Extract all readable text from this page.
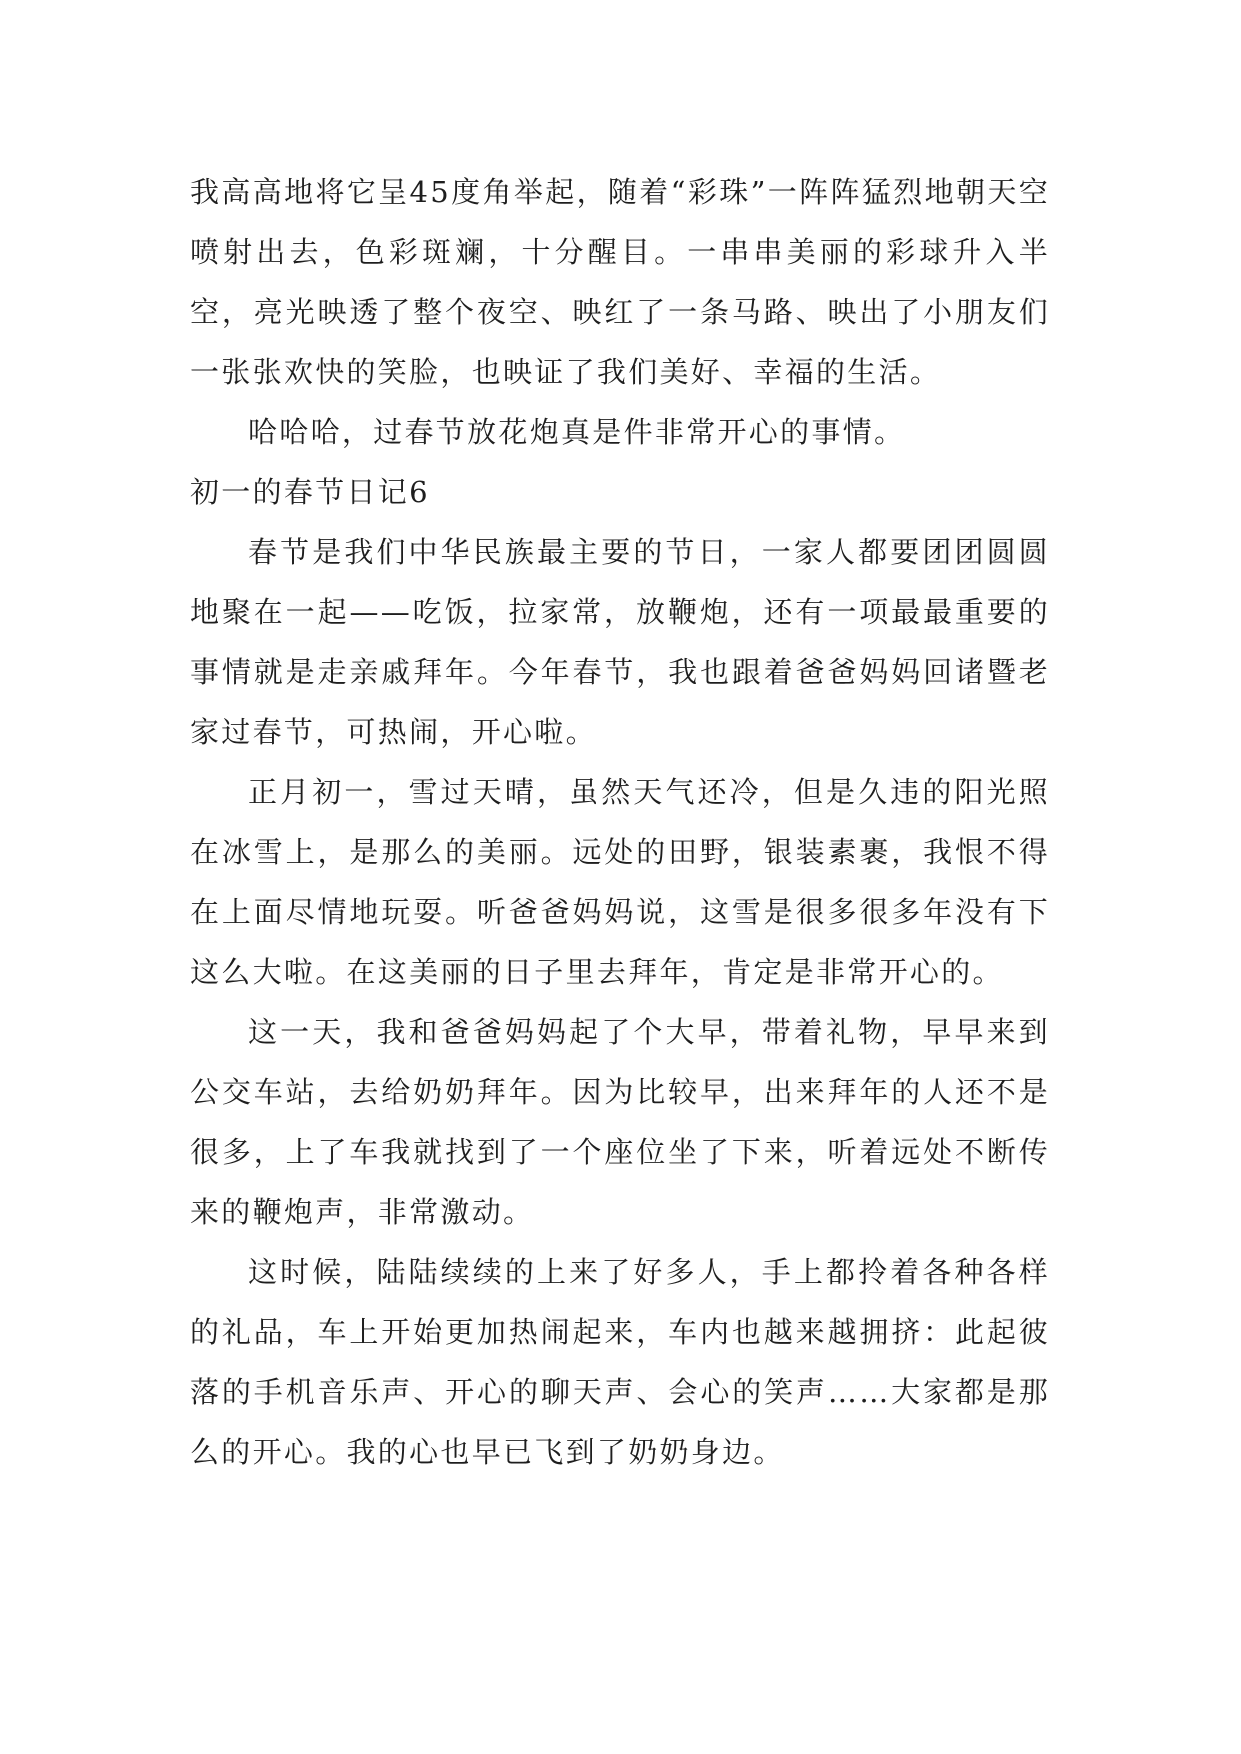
我高高地将它呈45度角举起，随着“彩珠”一阵阵猛烈地朝天空喷射出去，色彩斑斓，十分醒目。一串串美丽的彩球升入半空，亮光映透了整个夜空、映红了一条马路、映出了小朋友们一张张欢快的笑脸，也映证了我们美好、幸福的生活。

哈哈哈，过春节放花炮真是件非常开心的事情。

初一的春节日记6

春节是我们中华民族最主要的节日，一家人都要团团圆圆地聚在一起——吃饭，拉家常，放鞭炮，还有一项最最重要的事情就是走亲戚拜年。今年春节，我也跟着爸爸妈妈回诸暨老家过春节，可热闹，开心啦。

正月初一，雪过天晴，虽然天气还冷，但是久违的阳光照在冰雪上，是那么的美丽。远处的田野，银装素裹，我恨不得在上面尽情地玩耍。听爸爸妈妈说，这雪是很多很多年没有下这么大啦。在这美丽的日子里去拜年，肯定是非常开心的。

这一天，我和爸爸妈妈起了个大早，带着礼物，早早来到公交车站，去给奶奶拜年。因为比较早，出来拜年的人还不是很多，上了车我就找到了一个座位坐了下来，听着远处不断传来的鞭炮声，非常激动。

这时候，陆陆续续的上来了好多人，手上都拎着各种各样的礼品，车上开始更加热闹起来，车内也越来越拥挤：此起彼落的手机音乐声、开心的聊天声、会心的笑声……大家都是那么的开心。我的心也早已飞到了奶奶身边。
